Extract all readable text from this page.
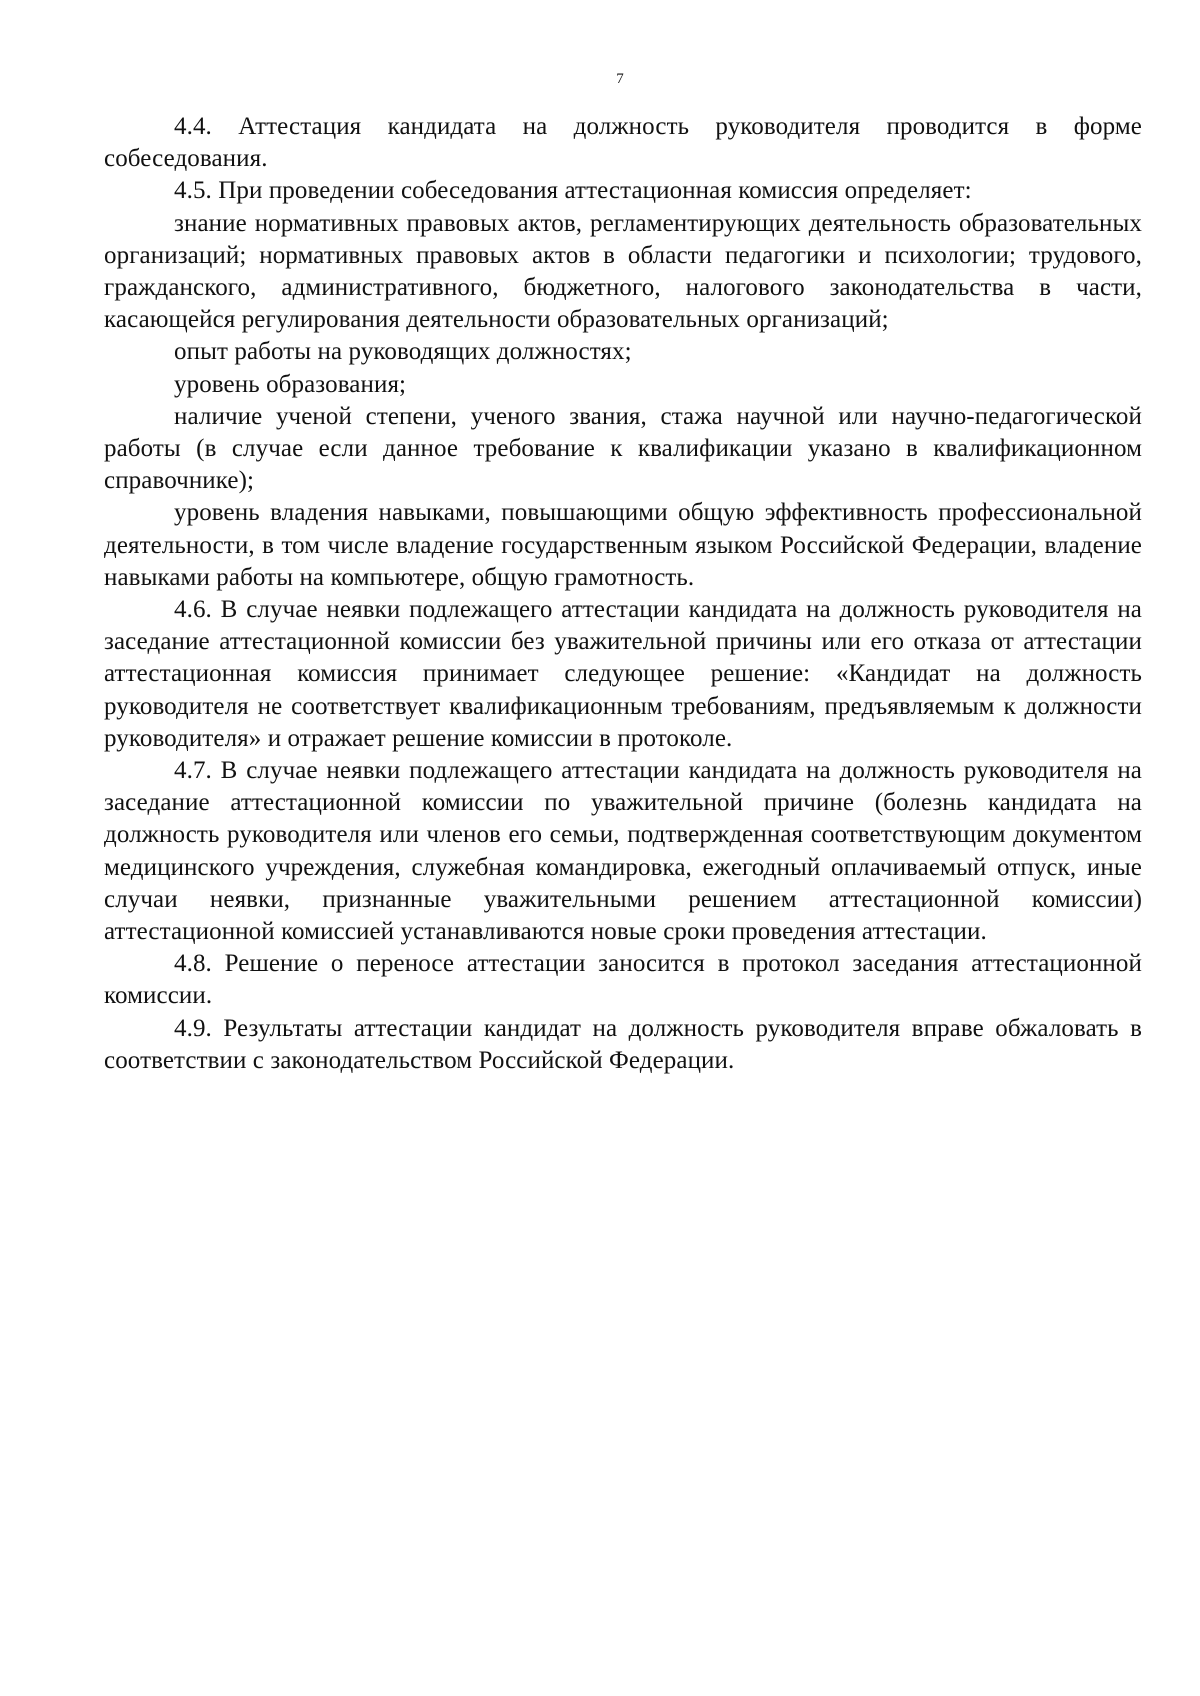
7

4.4. Аттестация кандидата на должность руководителя проводится в форме собеседования.

4.5. При проведении собеседования аттестационная комиссия определяет:

знание нормативных правовых актов, регламентирующих деятельность образовательных организаций; нормативных правовых актов в области педагогики и психологии; трудового, гражданского, административного, бюджетного, налогового законодательства в части, касающейся регулирования деятельности образовательных организаций;

опыт работы на руководящих должностях;

уровень образования;

наличие ученой степени, ученого звания, стажа научной или научно-педагогической работы (в случае если данное требование к квалификации указано в квалификационном справочнике);

уровень владения навыками, повышающими общую эффективность профессиональной деятельности, в том числе владение государственным языком Российской Федерации, владение навыками работы на компьютере, общую грамотность.

4.6. В случае неявки подлежащего аттестации кандидата на должность руководителя на заседание аттестационной комиссии без уважительной причины или его отказа от аттестации аттестационная комиссия принимает следующее решение: «Кандидат на должность руководителя не соответствует квалификационным требованиям, предъявляемым к должности руководителя» и отражает решение комиссии в протоколе.

4.7. В случае неявки подлежащего аттестации кандидата на должность руководителя на заседание аттестационной комиссии по уважительной причине (болезнь кандидата на должность руководителя или членов его семьи, подтвержденная соответствующим документом медицинского учреждения, служебная командировка, ежегодный оплачиваемый отпуск, иные случаи неявки, признанные уважительными решением аттестационной комиссии) аттестационной комиссией устанавливаются новые сроки проведения аттестации.

4.8. Решение о переносе аттестации заносится в протокол заседания аттестационной комиссии.

4.9. Результаты аттестации кандидат на должность руководителя вправе обжаловать в соответствии с законодательством Российской Федерации.
